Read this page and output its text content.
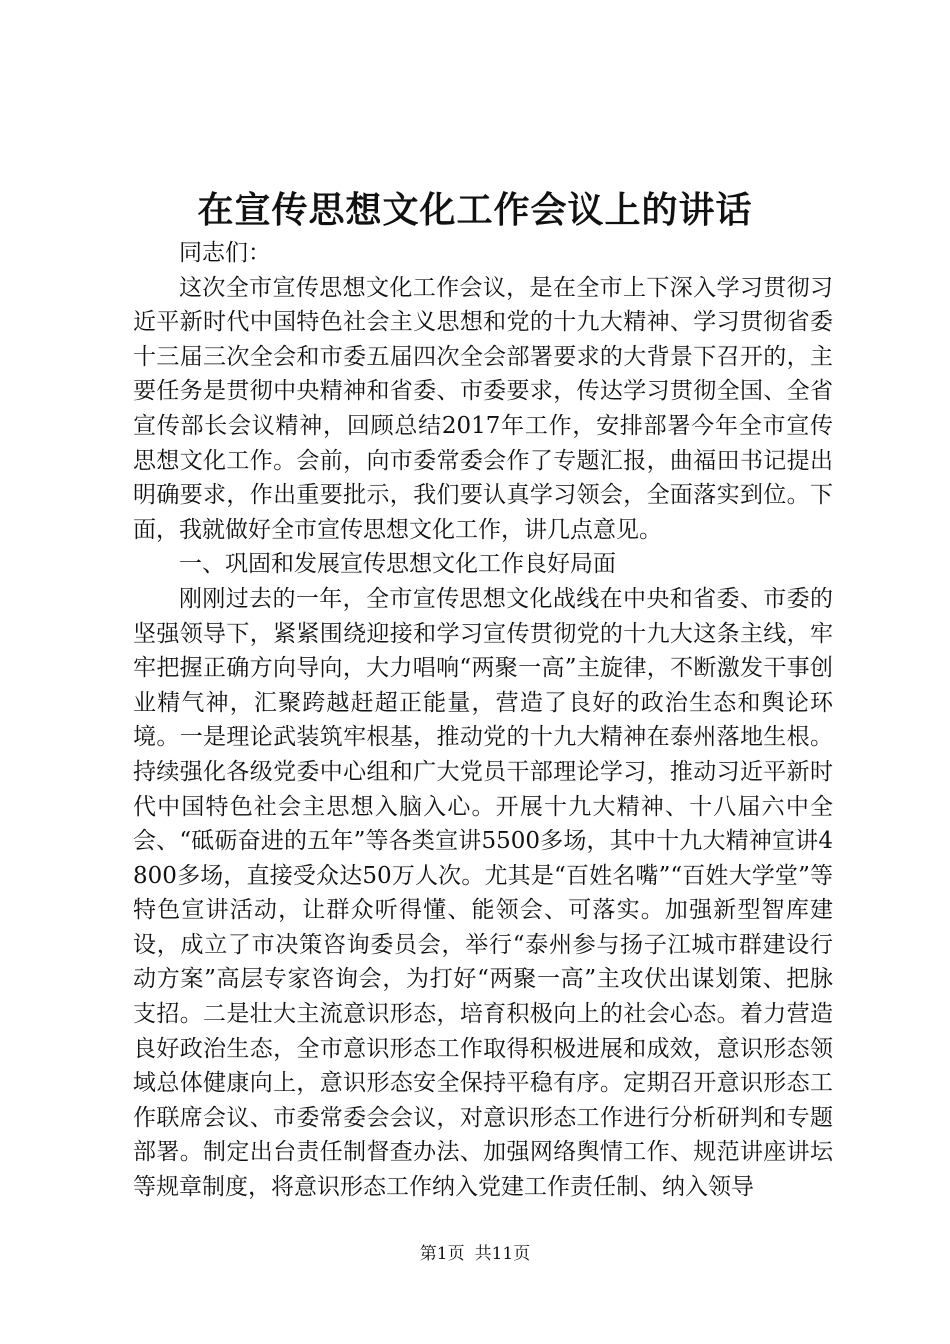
在宣传思想文化工作会议上的讲话

同志们：

这次全市宣传思想文化工作会议，是在全市上下深入学习贯彻习近平新时代中国特色社会主义思想和党的十九大精神、学习贯彻省委十三届三次全会和市委五届四次全会部署要求的大背景下召开的，主要任务是贯彻中央精神和省委、市委要求，传达学习贯彻全国、全省宣传部长会议精神，回顾总结2017年工作，安排部署今年全市宣传思想文化工作。会前，向市委常委会作了专题汇报，曲福田书记提出明确要求，作出重要批示，我们要认真学习领会，全面落实到位。下面，我就做好全市宣传思想文化工作，讲几点意见。

一、巩固和发展宣传思想文化工作良好局面

刚刚过去的一年，全市宣传思想文化战线在中央和省委、市委的坚强领导下，紧紧围绕迎接和学习宣传贯彻党的十九大这条主线，牢牢把握正确方向导向，大力唱响“两聚一高”主旋律，不断激发干事创业精气神，汇聚跨越赶超正能量，营造了良好的政治生态和舆论环境。一是理论武装筑牢根基，推动党的十九大精神在泰州落地生根。持续强化各级党委中心组和广大党员干部理论学习，推动习近平新时代中国特色社会主思想入脑入心。开展十九大精神、十八届六中全会、“砥砺奋进的五年”等各类宣讲5500多场，其中十九大精神宣讲4800多场，直接受众达50万人次。尤其是“百姓名嘴”“百姓大学堂”等特色宣讲活动，让群众听得懂、能领会、可落实。加强新型智库建设，成立了市决策咨询委员会，举行“泰州参与扬子江城市群建设行动方案”高层专家咨询会，为打好“两聚一高”主攻伏出谋划策、把脉支招。二是壮大主流意识形态，培育积极向上的社会心态。着力营造良好政治生态，全市意识形态工作取得积极进展和成效，意识形态领域总体健康向上，意识形态安全保持平稳有序。定期召开意识形态工作联席会议、市委常委会会议，对意识形态工作进行分析研判和专题部署。制定出台责任制督查办法、加强网络舆情工作、规范讲座讲坛等规章制度，将意识形态工作纳入党建工作责任制、纳入领导

第1页 共11页
